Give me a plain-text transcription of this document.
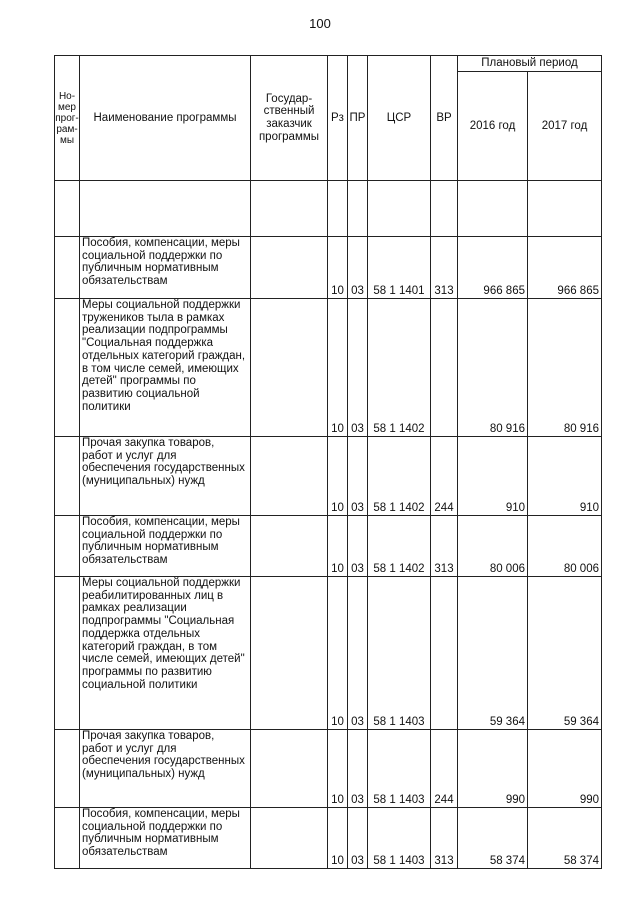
100
Но-
мер
прог-
рам-
мы	Наименование программы	Государ-
ственный
заказчик
программы	Рз	ПР	ЦСР	ВР	Плановый период	
							2016 год	2017 год

	Пособия, компенсации, меры социальной поддержки по публичным нормативным обязательствам		10	03	58 1 1401	313	966 865	966 865
	Меры социальной поддержки тружеников тыла в рамках реализации подпрограммы "Социальная поддержка отдельных категорий граждан, в том числе семей, имеющих детей" программы по развитию социальной политики		10	03	58 1 1402		80 916	80 916
	Прочая закупка товаров, работ и услуг для обеспечения государственных (муниципальных) нужд		10	03	58 1 1402	244	910	910
	Пособия, компенсации, меры социальной поддержки по публичным нормативным обязательствам		10	03	58 1 1402	313	80 006	80 006
	Меры социальной поддержки реабилитированных лиц в рамках реализации подпрограммы "Социальная поддержка отдельных категорий граждан, в том числе семей, имеющих детей" программы по развитию социальной политики		10	03	58 1 1403		59 364	59 364
	Прочая закупка товаров, работ и услуг для обеспечения государственных (муниципальных) нужд		10	03	58 1 1403	244	990	990
	Пособия, компенсации, меры социальной поддержки по публичным нормативным обязательствам		10	03	58 1 1403	313	58 374	58 374
